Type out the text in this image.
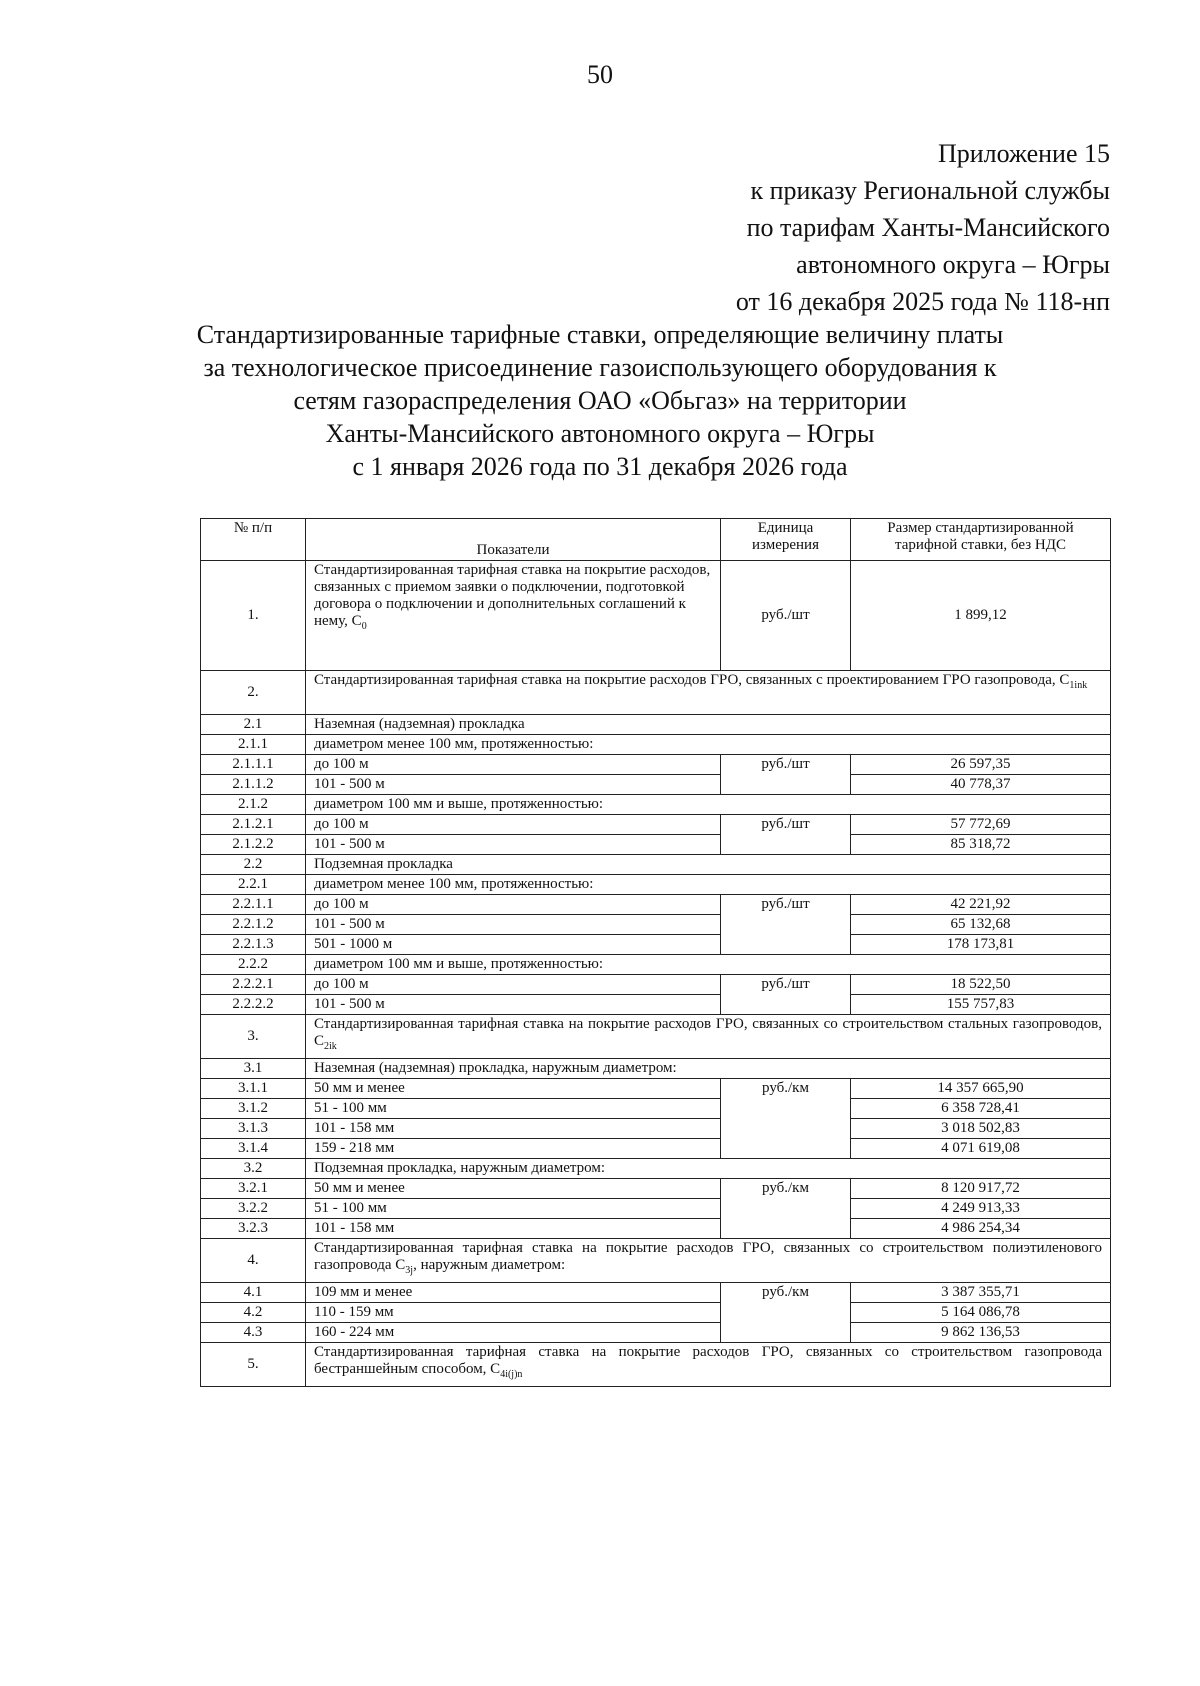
50
Приложение 15
к приказу Региональной службы
по тарифам Ханты-Мансийского
автономного округа – Югры
от 16 декабря 2025 года № 118-нп
Стандартизированные тарифные ставки, определяющие величину платы
за технологическое присоединение газоиспользующего оборудования к
сетям газораспределения ОАО «Обьгаз» на территории
Ханты-Мансийского автономного округа – Югры
с 1 января 2026 года по 31 декабря 2026 года
№ п/п	Показатели	Единица измерения	Размер стандартизированной тарифной ставки, без НДС
1.	Стандартизированная тарифная ставка на покрытие расходов, связанных с приемом заявки о подключении, подготовкой договора о подключении и дополнительных соглашений к нему, $C_0$	руб./шт	1 899,12
2.	Стандартизированная тарифная ставка на покрытие расходов ГРО, связанных с проектированием ГРО газопровода, $C_{1ink}$
2.1	Наземная (надземная) прокладка		
2.1.1	диаметром менее 100 мм, протяженностью:		
2.1.1.1	до 100 м	руб./шт	26 597,35
2.1.1.2	101 - 500 м		40 778,37
2.1.2	диаметром 100 мм и выше, протяженностью:		
2.1.2.1	до 100 м	руб./шт	57 772,69
2.1.2.2	101 - 500 м		85 318,72
2.2	Подземная прокладка		
2.2.1	диаметром менее 100 мм, протяженностью:		
2.2.1.1	до 100 м	руб./шт	42 221,92
2.2.1.2	101 - 500 м		65 132,68
2.2.1.3	501 - 1000 м		178 173,81
2.2.2	диаметром 100 мм и выше, протяженностью:		
2.2.2.1	до 100 м	руб./шт	18 522,50
2.2.2.2	101 - 500 м		155 757,83
3.	Стандартизированная тарифная ставка на покрытие расходов ГРО, связанных со строительством стальных газопроводов, $C_{2ik}$
3.1	Наземная (надземная) прокладка, наружным диаметром:		
3.1.1	50 мм и менее	руб./км	14 357 665,90
3.1.2	51 - 100 мм		6 358 728,41
3.1.3	101 - 158 мм		3 018 502,83
3.1.4	159 - 218 мм		4 071 619,08
3.2	Подземная прокладка, наружным диаметром:		
3.2.1	50 мм и менее	руб./км	8 120 917,72
3.2.2	51 - 100 мм		4 249 913,33
3.2.3	101 - 158 мм		4 986 254,34
4.	Стандартизированная тарифная ставка на покрытие расходов ГРО, связанных со строительством полиэтиленового газопровода $C_{3j}$, наружным диаметром:		
4.1	109 мм и менее	руб./км	3 387 355,71
4.2	110 - 159 мм		5 164 086,78
4.3	160 - 224 мм		9 862 136,53
5.	Стандартизированная тарифная ставка на покрытие расходов ГРО, связанных со строительством газопровода бестраншейным способом, $C_{4i(j)n}$
